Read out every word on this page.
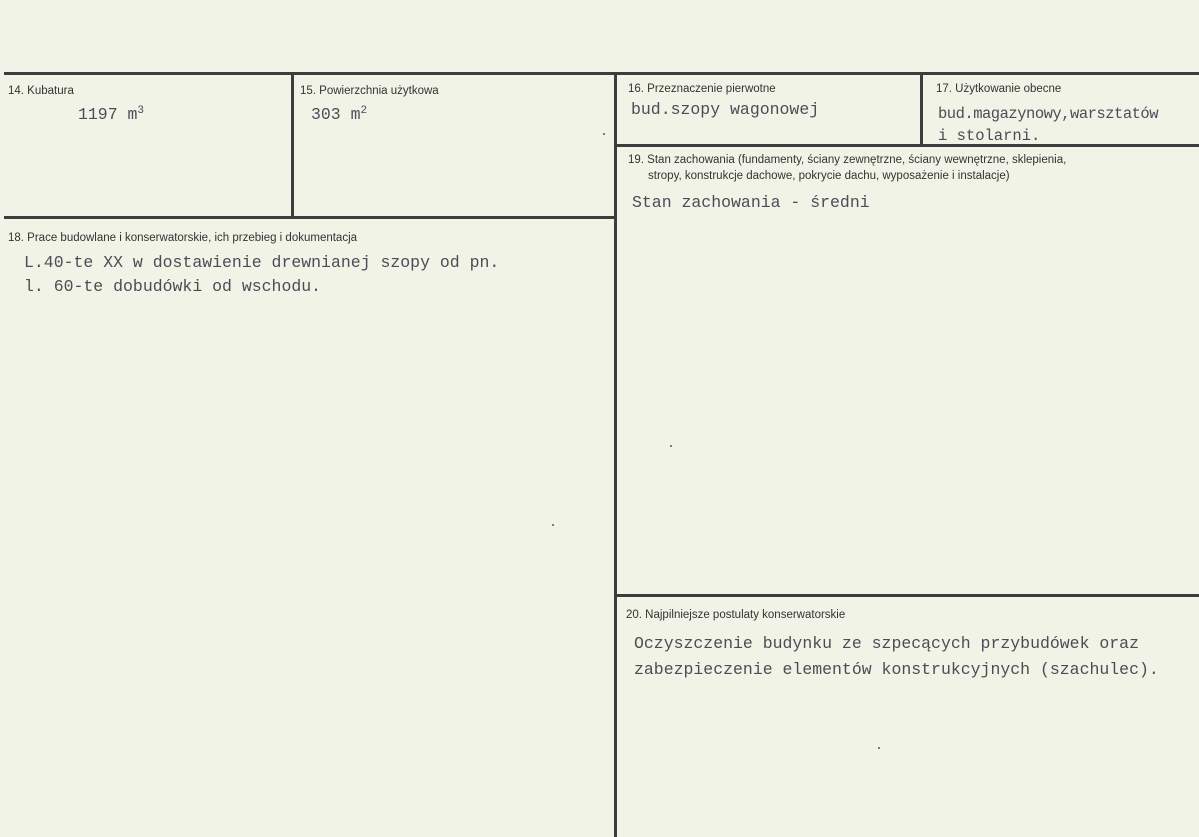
14. Kubatura
1197 $m^3$
15. Powierzchnia użytkowa
303 $m^2$
16. Przeznaczenie pierwotne
bud.szopy wagonowej
17. Użytkowanie obecne
bud.magazynowy,warsztatów
i stolarni.
18. Prace budowlane i konserwatorskie, ich przebieg i dokumentacja
L.40-te XX w dostawienie drewnianej szopy od pn.
l. 60-te dobudówki od wschodu.
19. Stan zachowania (fundamenty, ściany zewnętrzne, ściany wewnętrzne, sklepienia,
stropy, konstrukcje dachowe, pokrycie dachu, wyposażenie i instalacje)
Stan zachowania - średni
20. Najpilniejsze postulaty konserwatorskie
Oczyszczenie budynku ze szpecących przybudówek oraz
zabezpieczenie elementów konstrukcyjnych (szachulec).
